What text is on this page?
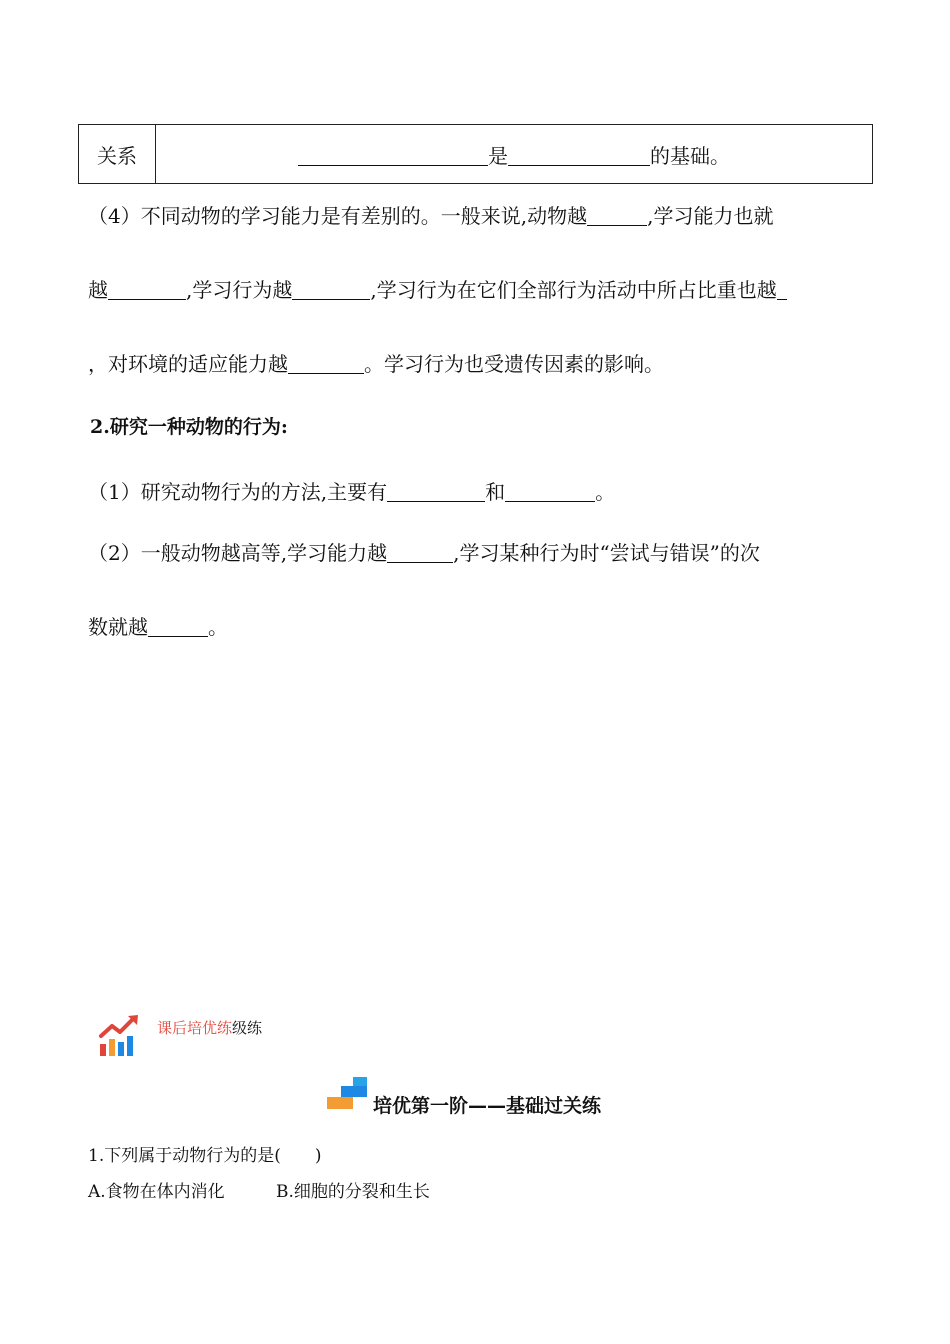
关系	是	的基础。
（4）不同动物的学习能力是有差别的。一般来说,动物越	,学习能力也就
越	,学习行为越	,学习行为在它们全部行为活动中所占比重也越
，对环境的适应能力越	。学习行为也受遗传因素的影响。
2.研究一种动物的行为:
（1）研究动物行为的方法,主要有	和	。
（2）一般动物越高等,学习能力越	,学习某种行为时“尝试与错误”的次
数就越	。
课后培优练级练
培优第一阶——基础过关练
1.下列属于动物行为的是(　　)
A.食物在体内消化	B.细胞的分裂和生长
